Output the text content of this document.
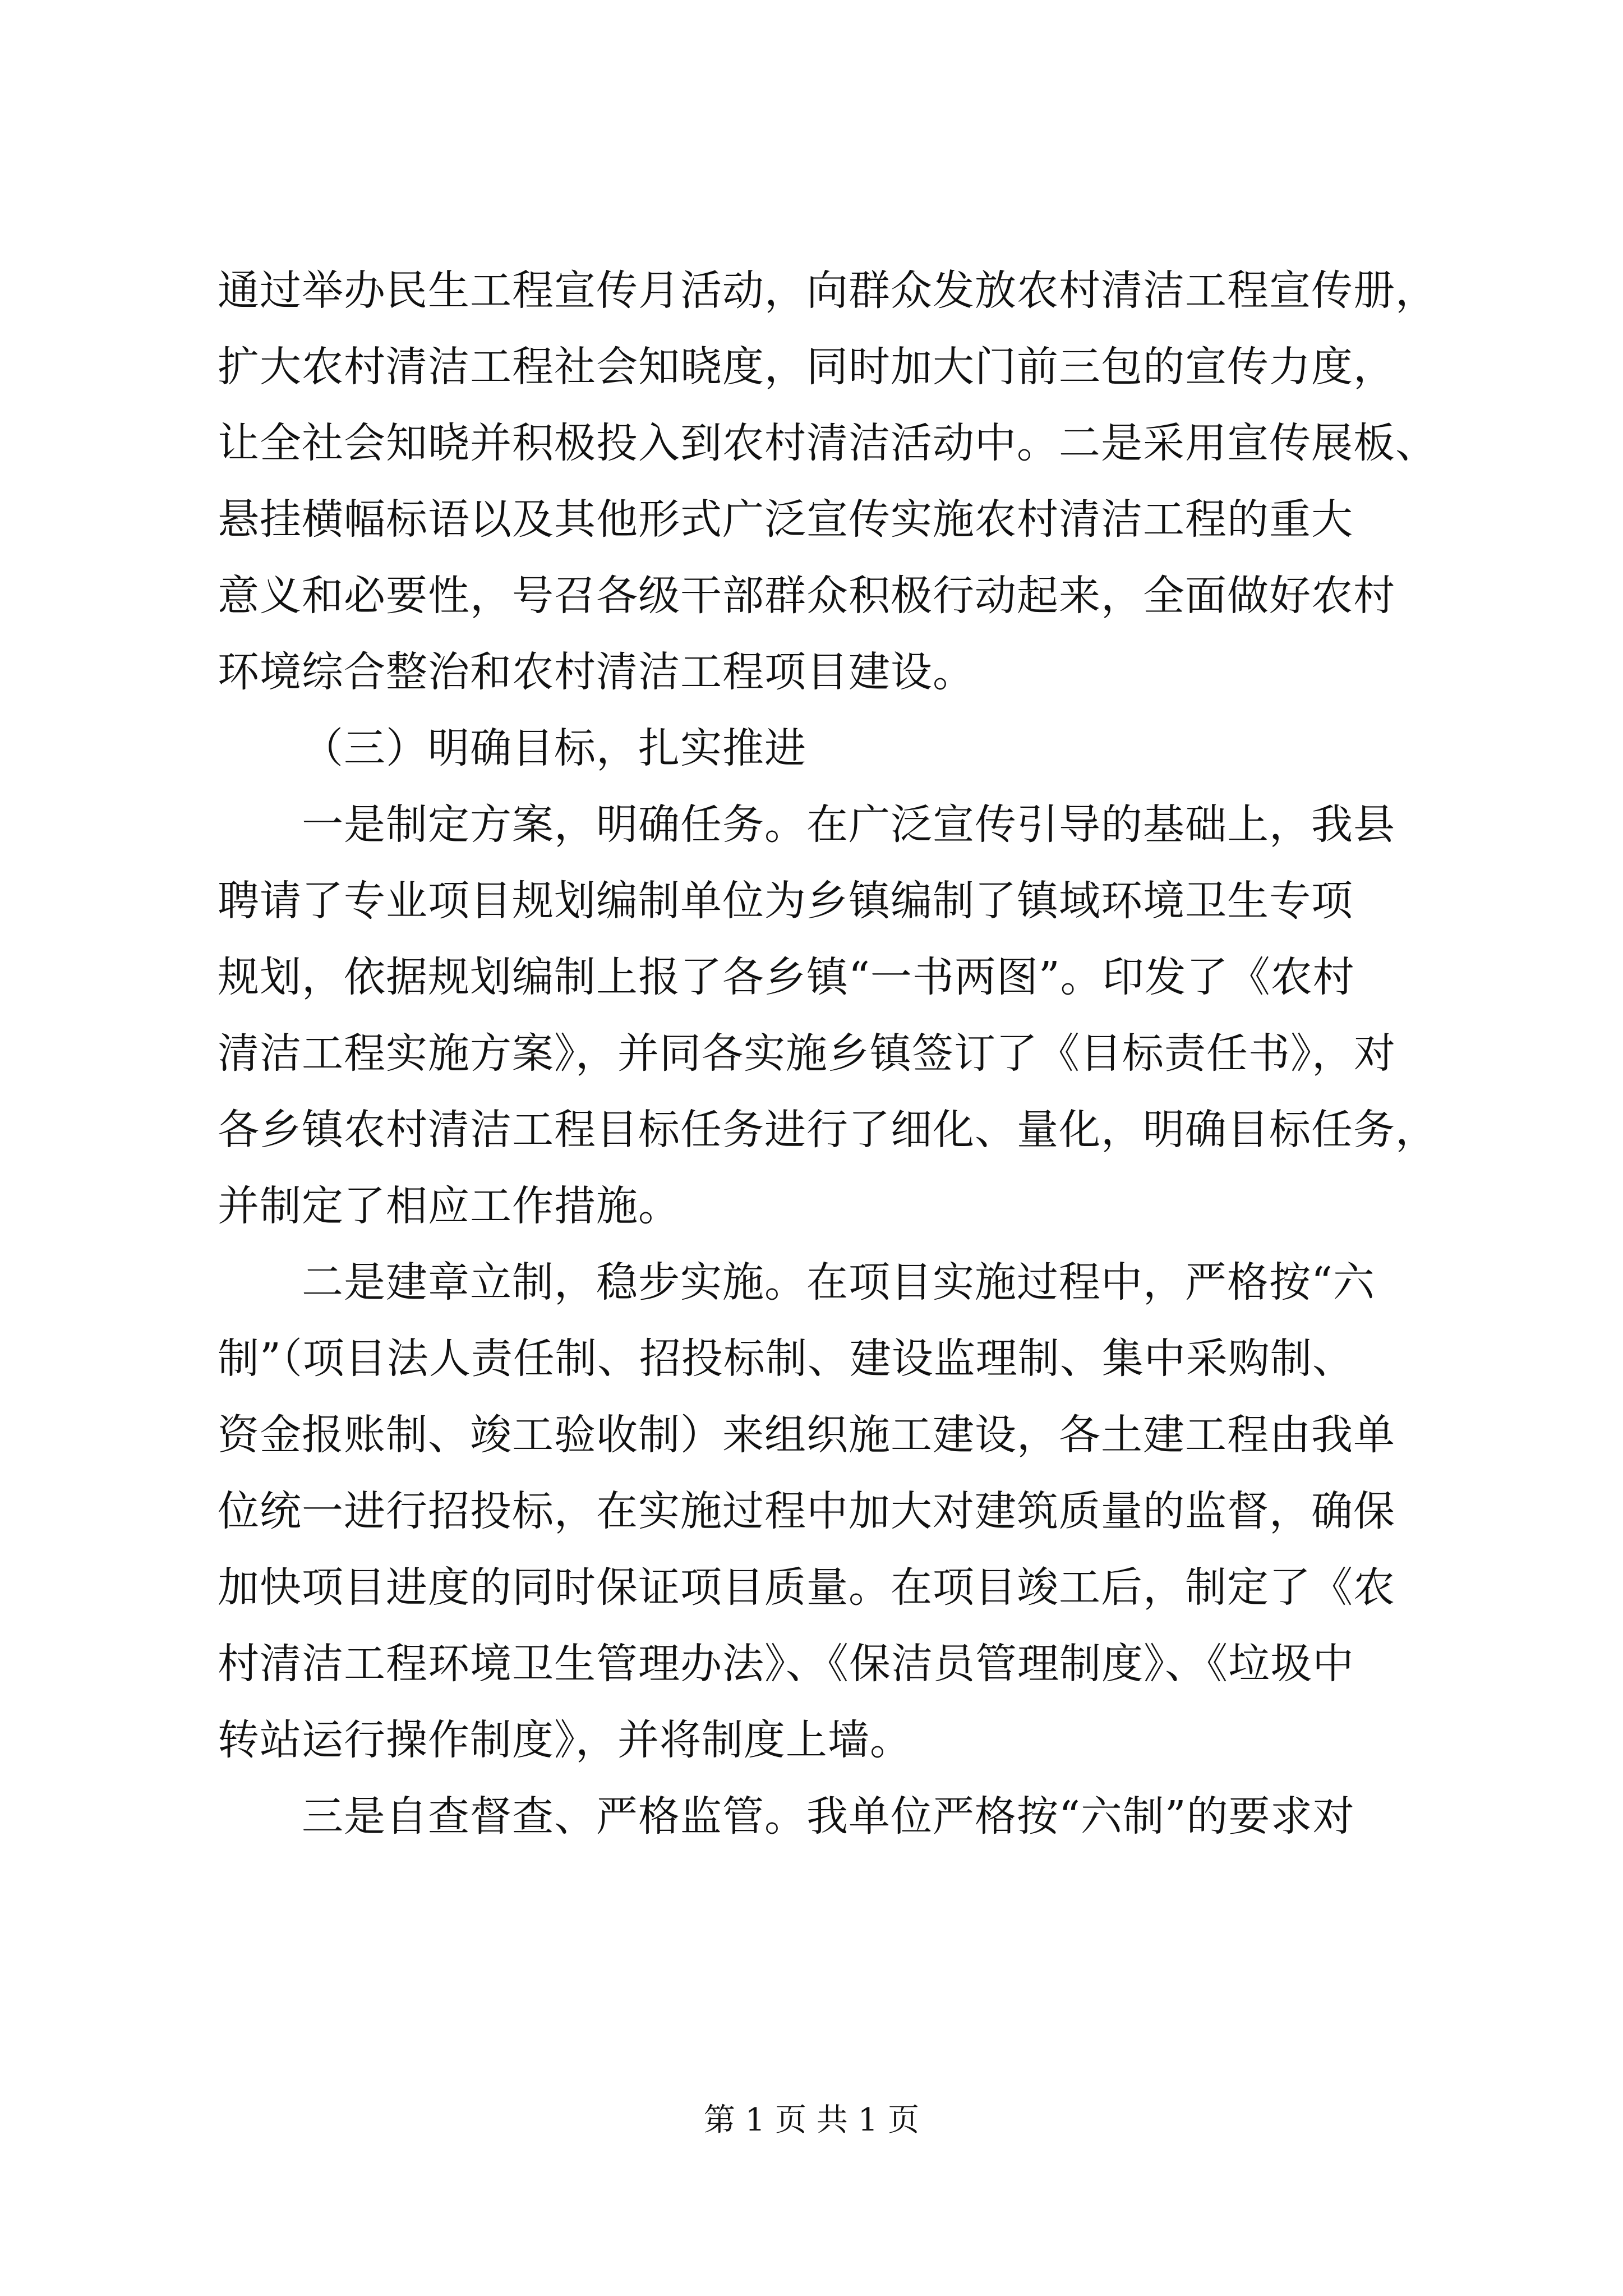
通过举办民生工程宣传月活动，向群众发放农村清洁工程宣传册，
扩大农村清洁工程社会知晓度，同时加大门前三包的宣传力度，
让全社会知晓并积极投入到农村清洁活动中。二是采用宣传展板、
悬挂横幅标语以及其他形式广泛宣传实施农村清洁工程的重大
意义和必要性，号召各级干部群众积极行动起来，全面做好农村
环境综合整治和农村清洁工程项目建设。
（三）明确目标，扎实推进
一是制定方案，明确任务。在广泛宣传引导的基础上，我县
聘请了专业项目规划编制单位为乡镇编制了镇域环境卫生专项
规划，依据规划编制上报了各乡镇“一书两图”。印发了《农村
清洁工程实施方案》，并同各实施乡镇签订了《目标责任书》，对
各乡镇农村清洁工程目标任务进行了细化、量化，明确目标任务，
并制定了相应工作措施。
二是建章立制，稳步实施。在项目实施过程中，严格按“六
制”（项目法人责任制、招投标制、建设监理制、集中采购制、
资金报账制、竣工验收制）来组织施工建设，各土建工程由我单
位统一进行招投标，在实施过程中加大对建筑质量的监督，确保
加快项目进度的同时保证项目质量。在项目竣工后，制定了《农
村清洁工程环境卫生管理办法》、《保洁员管理制度》、《垃圾中
转站运行操作制度》，并将制度上墙。
三是自查督查、严格监管。我单位严格按“六制”的要求对
第 1 页 共 1 页
